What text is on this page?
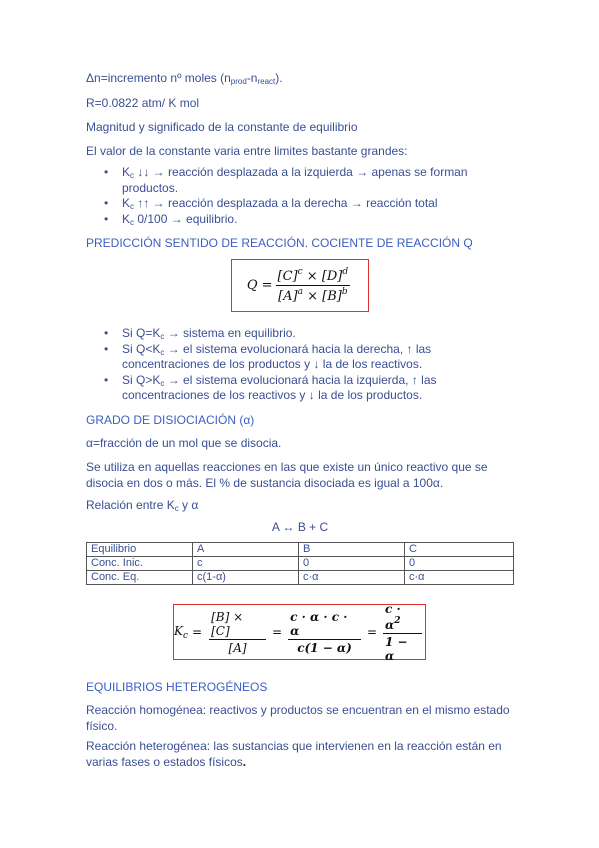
Δn=incremento nº moles $(n_{prod}-n_{react})$.

R=0.0822 atm/ K mol

Magnitud y significado de la constante de equilibrio

El valor de la constante varia entre limites bastante grandes:

• $K_c$ ↓↓ → reacción desplazada a la izquierda → apenas se forman productos.
• $K_c$ ↑↑ → reacción desplazada a la derecha → reacción total
• $K_c$ 0/100 → equilibrio.

PREDICCIÓN SENTIDO DE REACCIÓN. COCIENTE DE REACCIÓN Q

$Q = \frac{[C]^c \times [D]^d}{[A]^a \times [B]^b}$
• Si $Q=K_c$ → sistema en equilibrio.
• Si $Q<K_c$ → el sistema evolucionará hacia la derecha, ↑ las concentraciones de los productos y ↓ la de los reactivos.
• Si $Q>K_c$ → el sistema evolucionará hacia la izquierda, ↑ las concentraciones de los reactivos y ↓ la de los productos.

GRADO DE DISIOCIACIÓN (α)

α=fracción de un mol que se disocia.

Se utiliza en aquellas reacciones en las que existe un único reactivo que se disocia en dos o más. El % de sustancia disociada es igual a 100α.

Relación entre $K_c$ y α

A ↔ B + C

Equilibrio	A	B	C
Conc. Inic.	c	0	0
Conc. Eq.	c(1-α)	c·α	c·α
$K_c = \frac{[B] \times [C]}{[A]} = \frac{c \cdot \alpha \cdot c \cdot \alpha}{c(1 - \alpha)} = \frac{c \cdot \alpha^2}{1 - \alpha}$

EQUILIBRIOS HETEROGÉNEOS

Reacción homogénea: reactivos y productos se encuentran en el mismo estado físico.

Reacción heterogénea: las sustancias que intervienen en la reacción están en varias fases o estados físicos.
